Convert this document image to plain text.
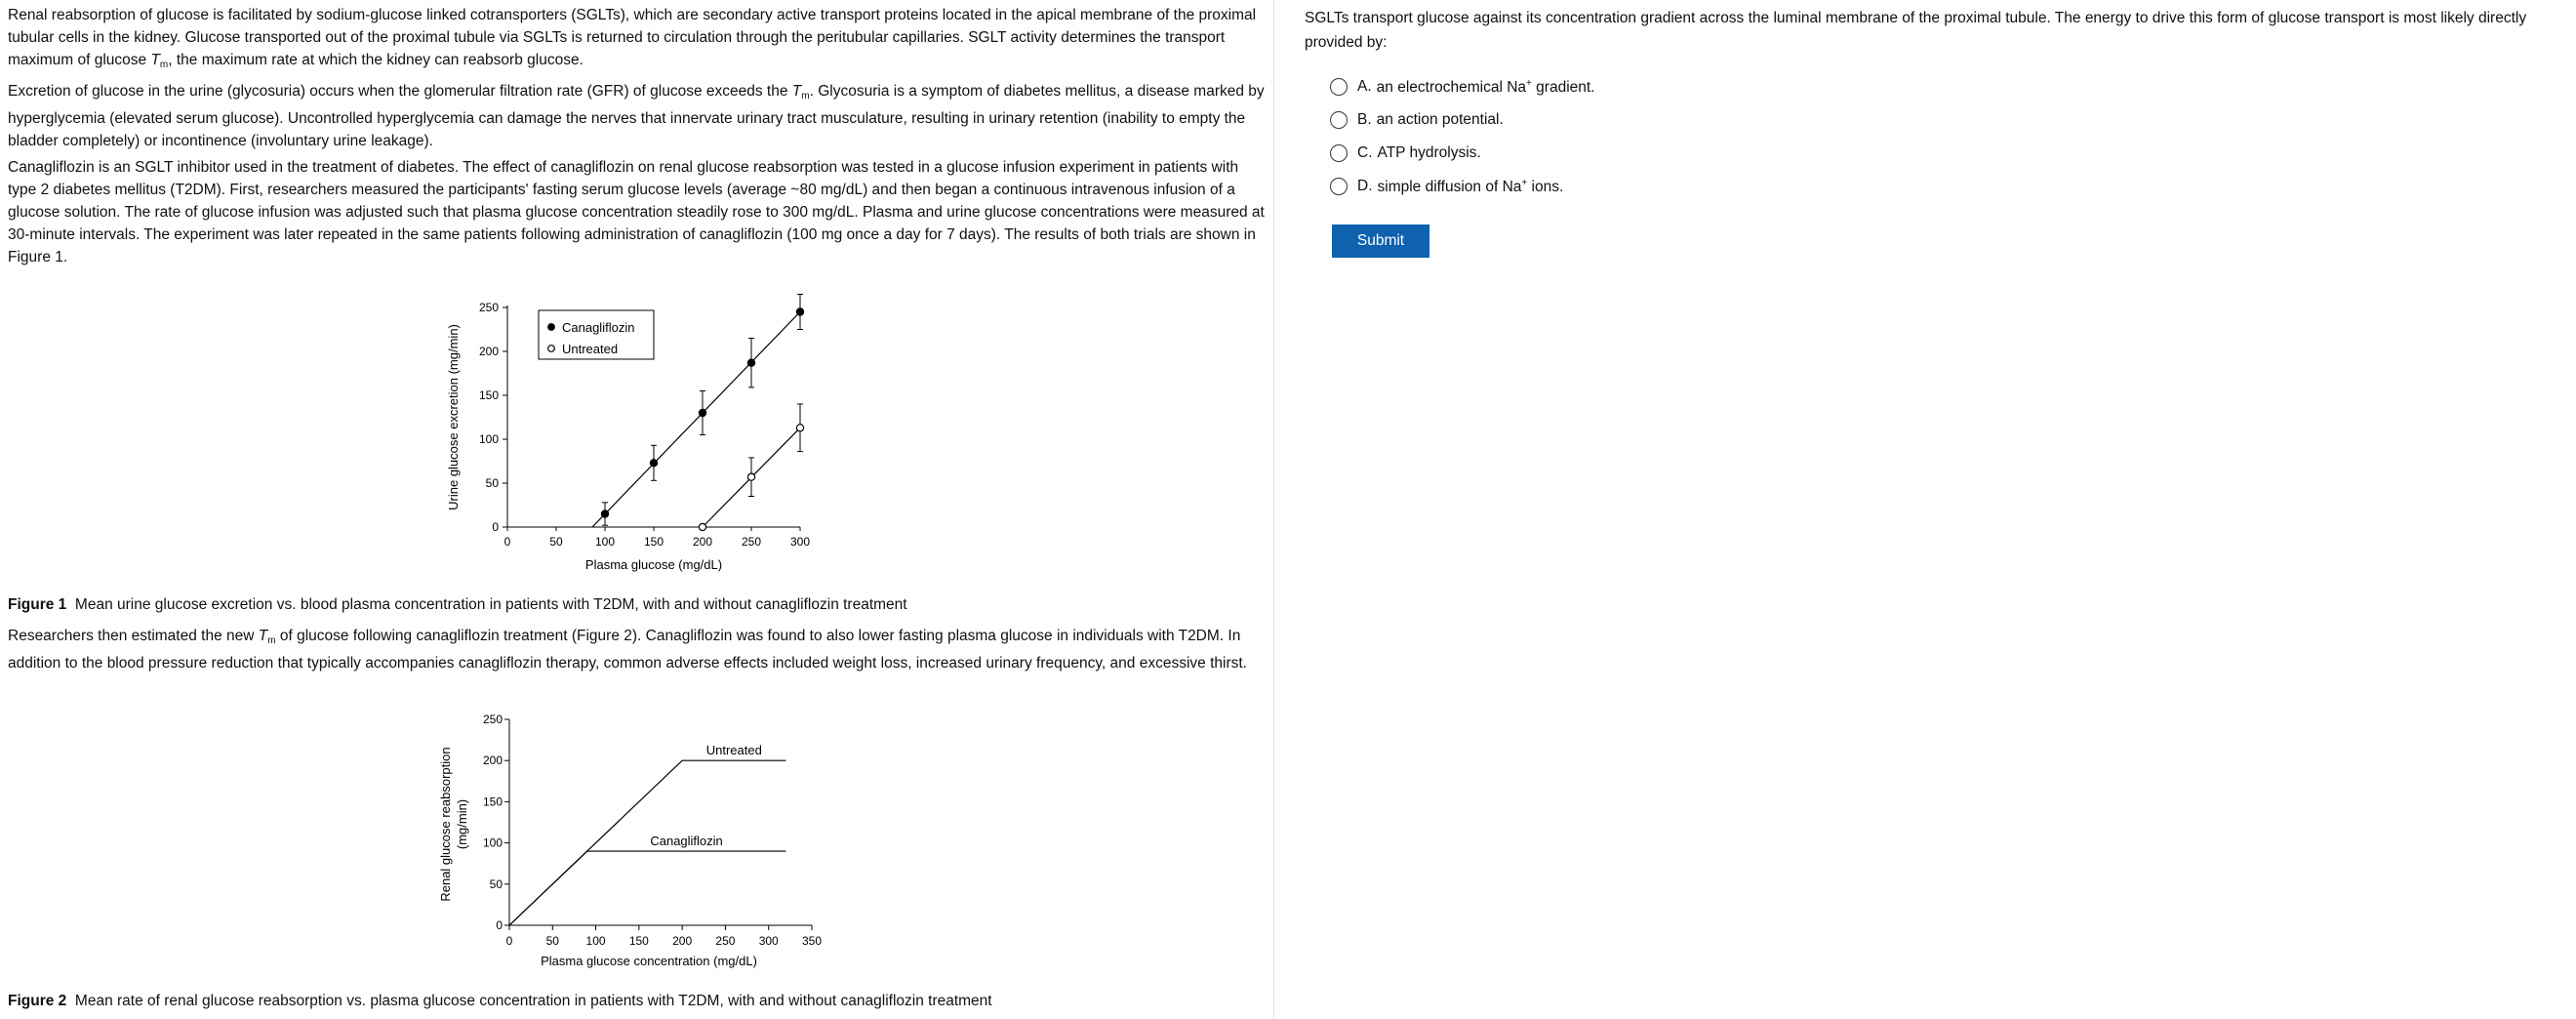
Renal reabsorption of glucose is facilitated by sodium-glucose linked cotransporters (SGLTs), which are secondary active transport proteins located in the apical membrane of the proximal tubular cells in the kidney. Glucose transported out of the proximal tubule via SGLTs is returned to circulation through the peritubular capillaries. SGLT activity determines the transport maximum of glucose $T_m$, the maximum rate at which the kidney can reabsorb glucose.

Excretion of glucose in the urine (glycosuria) occurs when the glomerular filtration rate (GFR) of glucose exceeds the $T_m$. Glycosuria is a symptom of diabetes mellitus, a disease marked by hyperglycemia (elevated serum glucose). Uncontrolled hyperglycemia can damage the nerves that innervate urinary tract musculature, resulting in urinary retention (inability to empty the bladder completely) or incontinence (involuntary urine leakage).

Canagliflozin is an SGLT inhibitor used in the treatment of diabetes. The effect of canagliflozin on renal glucose reabsorption was tested in a glucose infusion experiment in patients with type 2 diabetes mellitus (T2DM). First, researchers measured the participants' fasting serum glucose levels (average ~80 mg/dL) and then began a continuous intravenous infusion of a glucose solution. The rate of glucose infusion was adjusted such that plasma glucose concentration steadily rose to 300 mg/dL. Plasma and urine glucose concentrations were measured at 30-minute intervals. The experiment was later repeated in the same patients following administration of canagliflozin (100 mg once a day for 7 days). The results of both trials are shown in Figure 1.

0
50
100
150
200
250
0	50	100 150 200 250 300
Plasma glucose (mg/dL)
Urine glucose excretion (mg/min)	Canagliflozin
Untreated

Figure 1 Mean urine glucose excretion vs. blood plasma concentration in patients with T2DM, with and without canagliflozin treatment

Researchers then estimated the new $T_m$ of glucose following canagliflozin treatment (Figure 2). Canagliflozin was found to also lower fasting plasma glucose in individuals with T2DM. In addition to the blood pressure reduction that typically accompanies canagliflozin therapy, common adverse effects included weight loss, increased urinary frequency, and excessive thirst.

0
50
100
150
200
250
0	50 100 150 200 250 300 350
Plasma glucose concentration (mg/dL)
Renal glucose reabsorption (mg/min)
Untreated
Canagliflozin

Figure 2 Mean rate of renal glucose reabsorption vs. plasma glucose concentration in patients with T2DM, with and without canagliflozin treatment

SGLTs transport glucose against its concentration gradient across the luminal membrane of the proximal tubule. The energy to drive this form of glucose transport is most likely directly provided by:

A. an electrochemical Na+ gradient.
B. an action potential.
C. ATP hydrolysis.
D. simple diffusion of Na+ ions.
Submit
